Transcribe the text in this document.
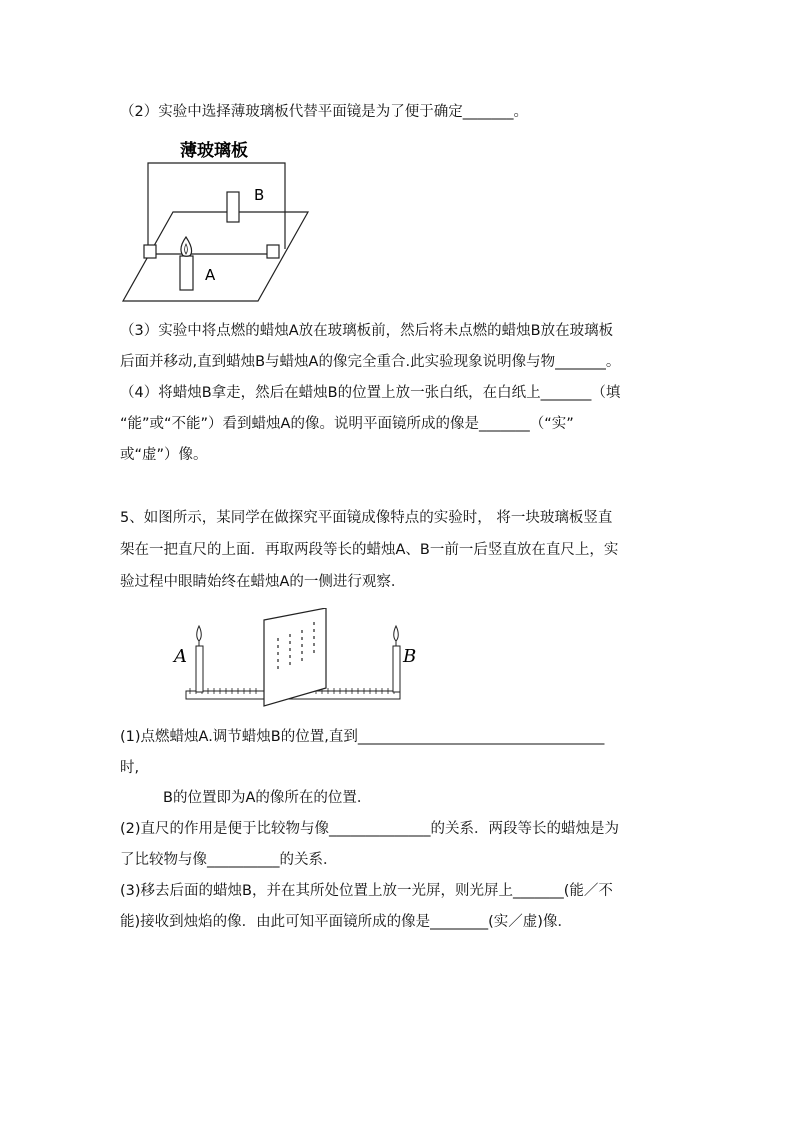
（2）实验中选择薄玻璃板代替平面镜是为了便于确定_______。
薄玻璃板
B
A
（3）实验中将点燃的蜡烛A放在玻璃板前，然后将未点燃的蜡烛B放在玻璃板
后面并移动,直到蜡烛B与蜡烛A的像完全重合.此实验现象说明像与物_______。
（4）将蜡烛B拿走，然后在蜡烛B的位置上放一张白纸，在白纸上_______（填
“能”或“不能”）看到蜡烛A的像。说明平面镜所成的像是_______（“实”
或“虚”）像。
5、如图所示，某同学在做探究平面镜成像特点的实验时， 将一块玻璃板竖直
架在一把直尺的上面．再取两段等长的蜡烛A、B一前一后竖直放在直尺上，实
验过程中眼睛始终在蜡烛A的一侧进行观察．
A	B
(1)点燃蜡烛A.调节蜡烛B的位置,直到__________________________________
时,
B的位置即为A的像所在的位置．
(2)直尺的作用是便于比较物与像______________的关系．两段等长的蜡烛是为
了比较物与像__________的关系．
(3)移去后面的蜡烛B，并在其所处位置上放一光屏，则光屏上_______(能／不
能)接收到烛焰的像．由此可知平面镜所成的像是________(实／虚)像．
